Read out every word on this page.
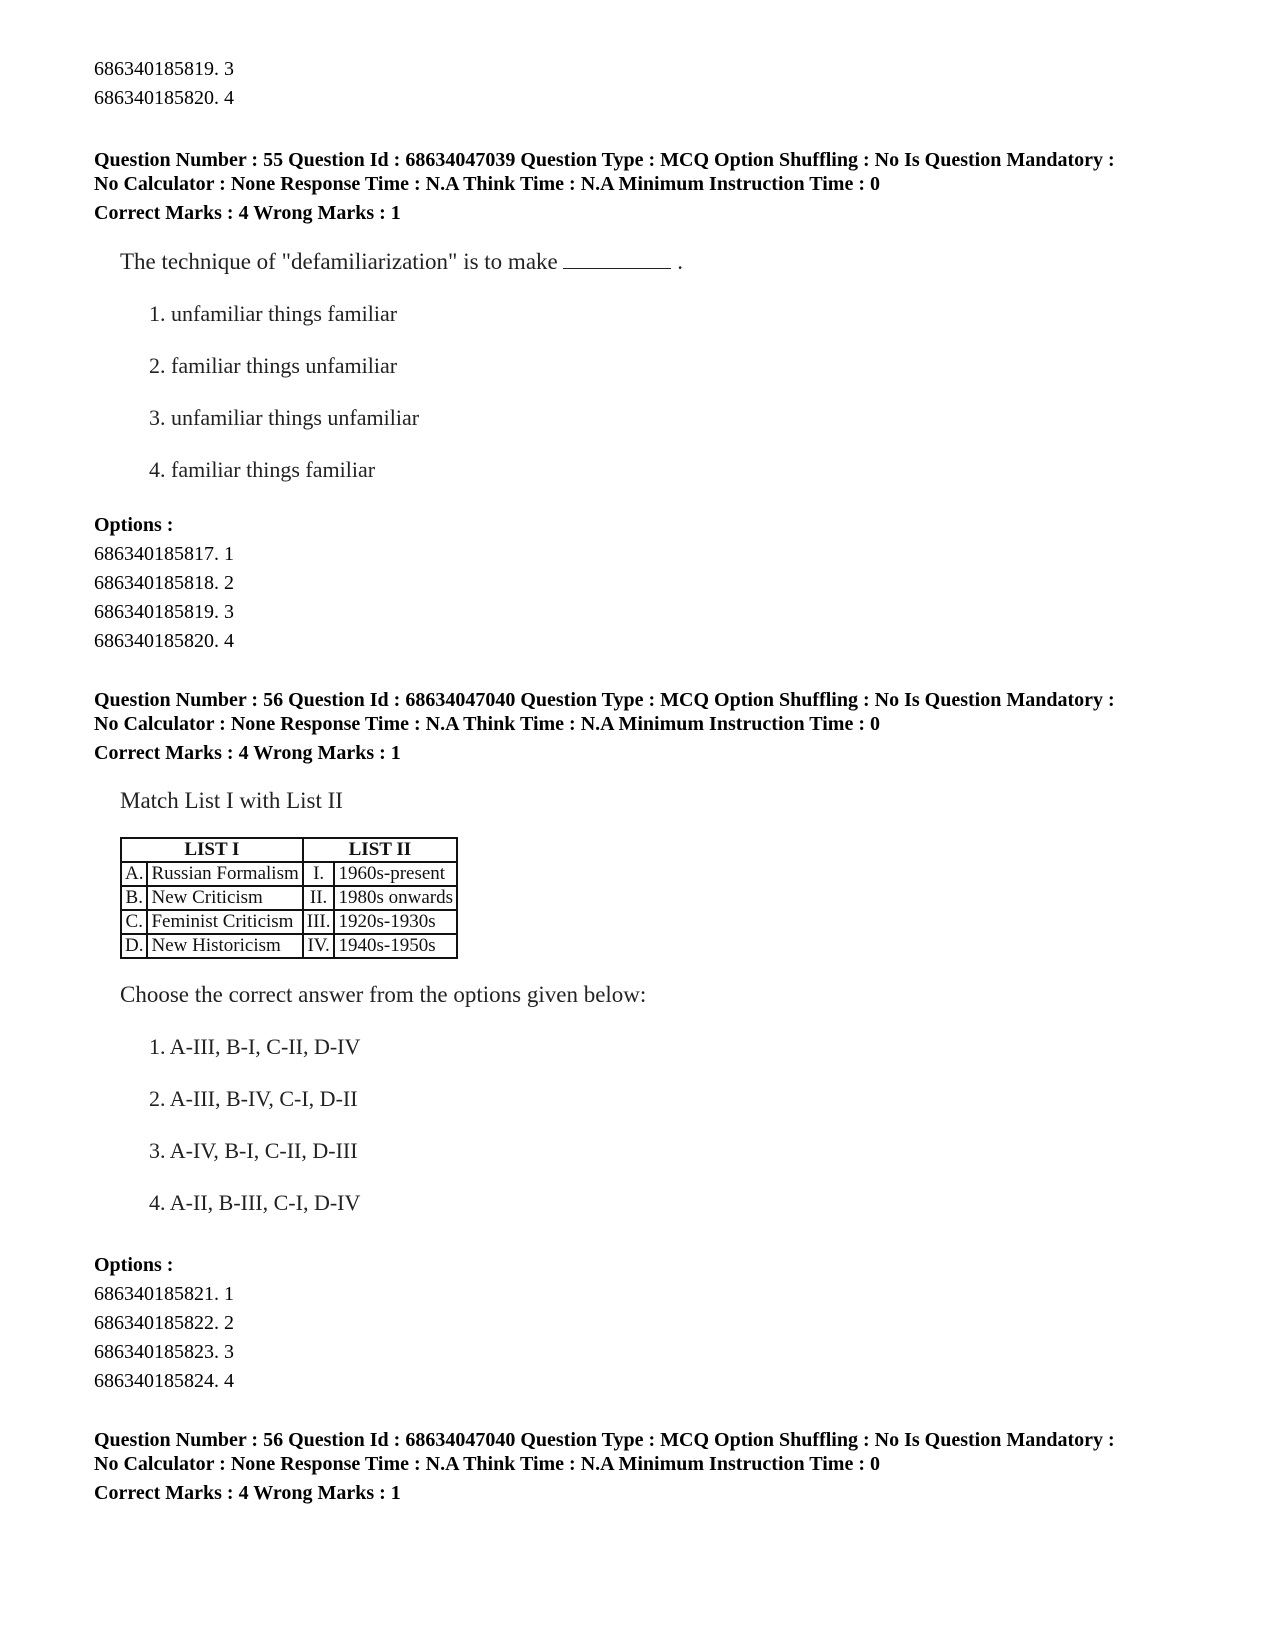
686340185819. 3
686340185820. 4
Question Number : 55 Question Id : 68634047039 Question Type : MCQ Option Shuffling : No Is Question Mandatory :
No Calculator : None Response Time : N.A Think Time : N.A Minimum Instruction Time : 0
Correct Marks : 4 Wrong Marks : 1
The technique of "defamiliarization" is to make	.
1. unfamiliar things familiar
2. familiar things unfamiliar
3. unfamiliar things unfamiliar
4. familiar things familiar
Options :
686340185817. 1
686340185818. 2
686340185819. 3
686340185820. 4
Question Number : 56 Question Id : 68634047040 Question Type : MCQ Option Shuffling : No Is Question Mandatory :
No Calculator : None Response Time : N.A Think Time : N.A Minimum Instruction Time : 0
Correct Marks : 4 Wrong Marks : 1
Match List I with List II
LIST I		LIST II	
A.	Russian Formalism	I.	1960s-present
B.	New Criticism	II.	1980s onwards
C.	Feminist Criticism	III.	1920s-1930s
D.	New Historicism	IV.	1940s-1950s
Choose the correct answer from the options given below:
1. A-III, B-I, C-II, D-IV
2. A-III, B-IV, C-I, D-II
3. A-IV, B-I, C-II, D-III
4. A-II, B-III, C-I, D-IV
Options :
686340185821. 1
686340185822. 2
686340185823. 3
686340185824. 4
Question Number : 56 Question Id : 68634047040 Question Type : MCQ Option Shuffling : No Is Question Mandatory :
No Calculator : None Response Time : N.A Think Time : N.A Minimum Instruction Time : 0
Correct Marks : 4 Wrong Marks : 1
